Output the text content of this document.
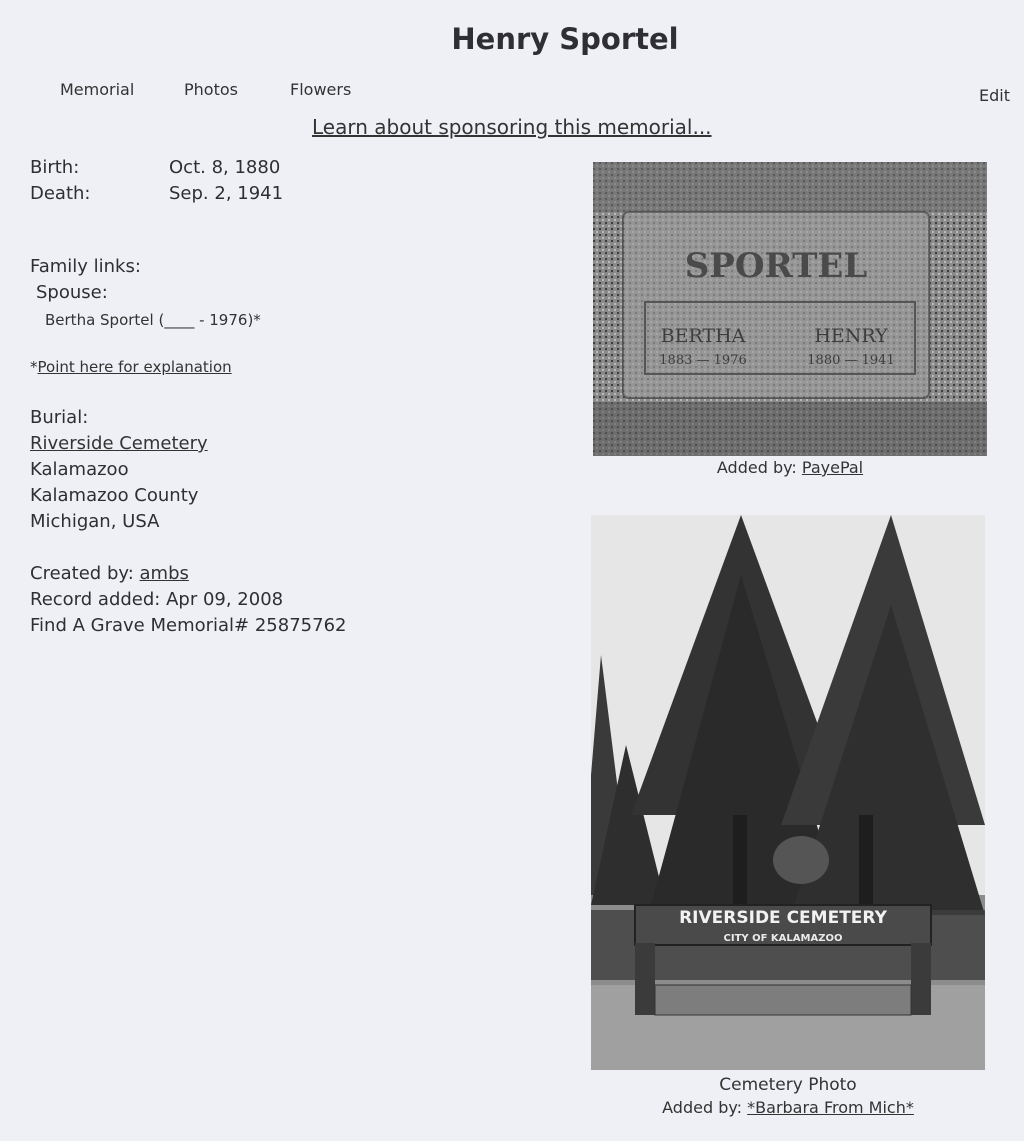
Henry Sportel
Memorial	Photos	Flowers	Edit
Learn about sponsoring this memorial...
Birth:	Oct. 8, 1880
Death:	Sep. 2, 1941
Family links:
Spouse:
Bertha Sportel (____ - 1976)*
*Point here for explanation
Burial:
Riverside Cemetery
Kalamazoo
Kalamazoo County
Michigan, USA
Created by: ambs
Record added: Apr 09, 2008
Find A Grave Memorial# 25875762
SPORTEL
BERTHA	HENRY
1883 — 1976	1880 — 1941
Added by: PayePal
RIVERSIDE CEMETERY
CITY OF KALAMAZOO
Cemetery Photo
Added by: *Barbara From Mich*
